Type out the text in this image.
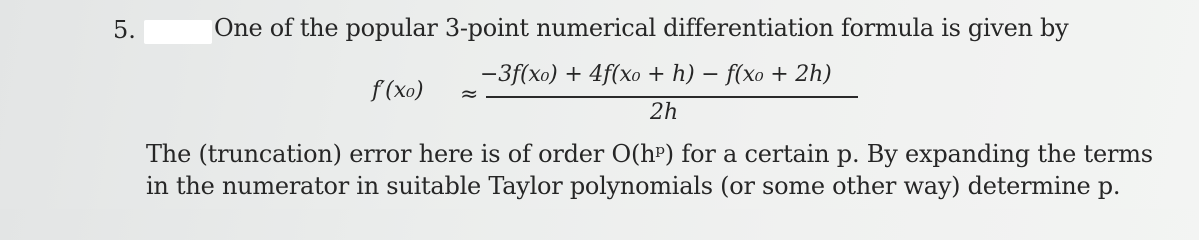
5.	One of the popular 3-point numerical differentiation formula is given by
f′(x₀) ≈
−3f(x₀) + 4f(x₀ + h) − f(x₀ + 2h)
2h
The (truncation) error here is of order O(hᵖ) for a certain p. By expanding the terms
in the numerator in suitable Taylor polynomials (or some other way) determine p.
